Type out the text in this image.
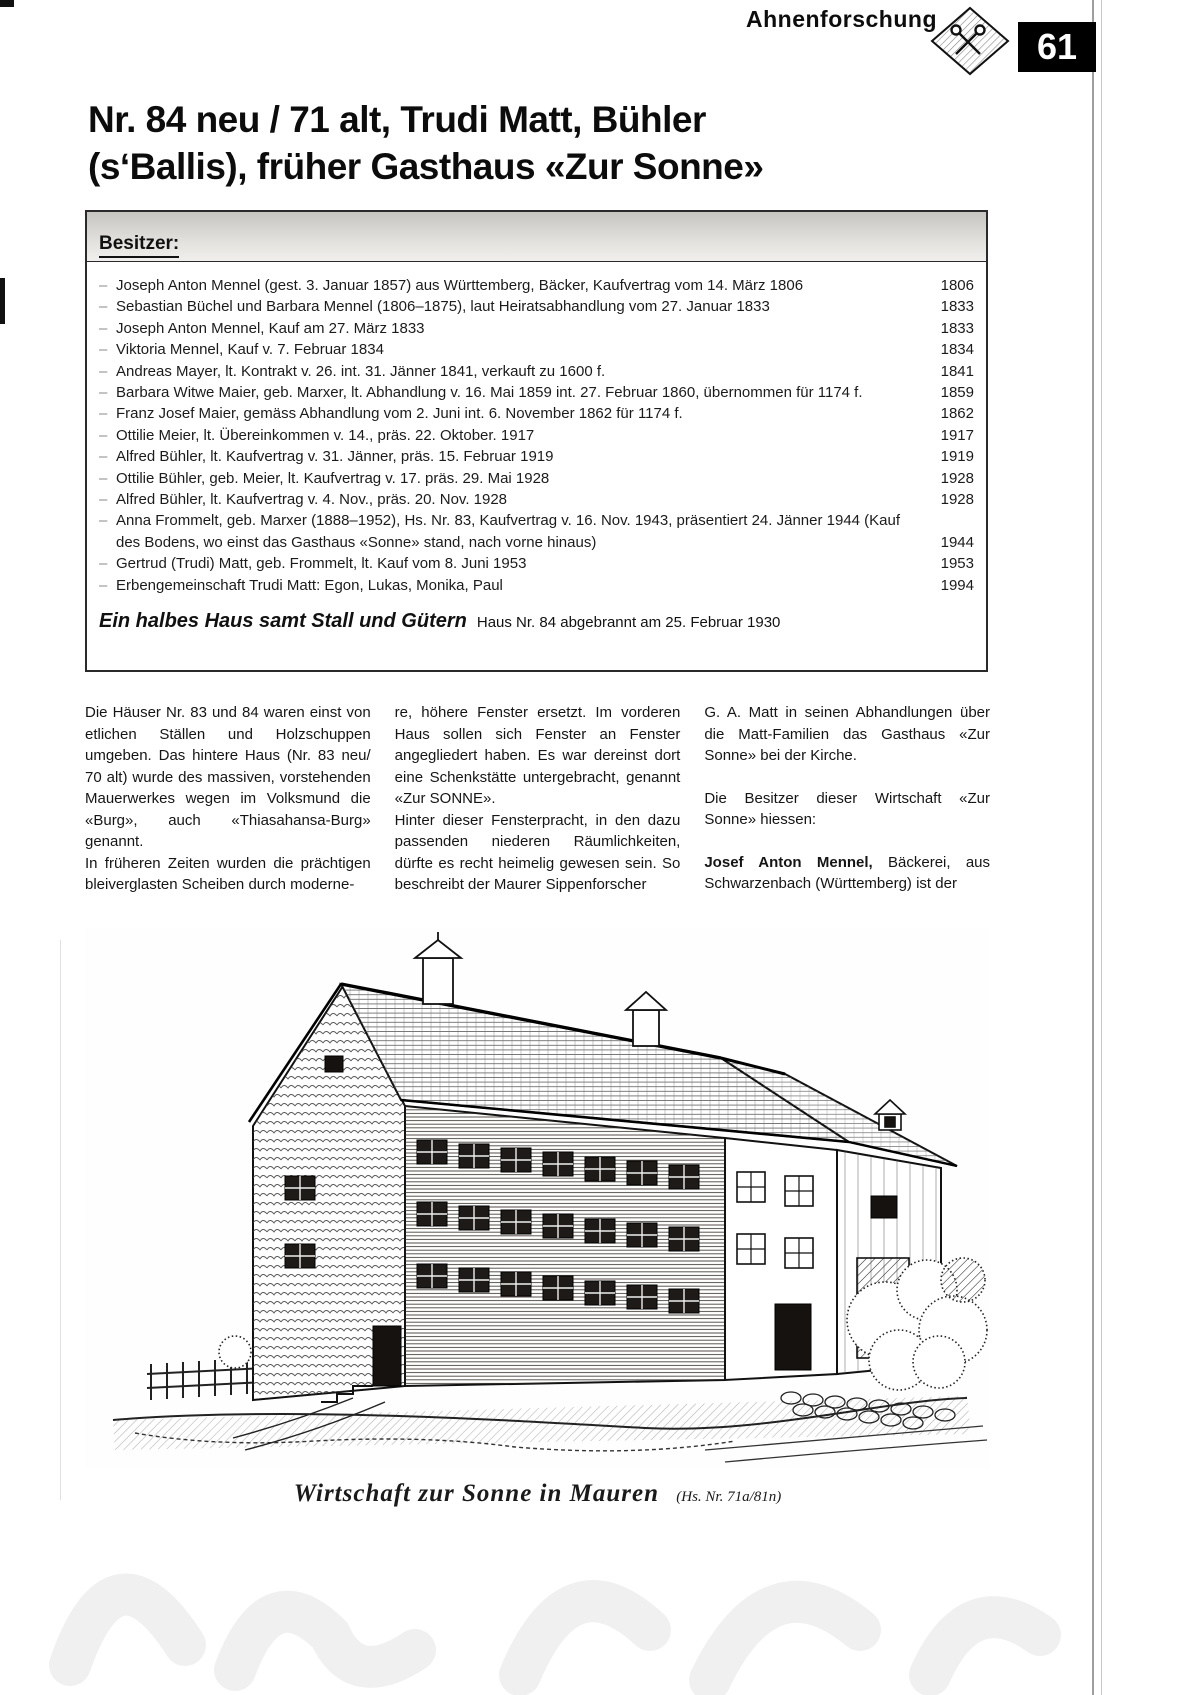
Ahnenforschung
61
Nr. 84 neu / 71 alt, Trudi Matt, Bühler
(s‘Ballis), früher Gasthaus «Zur Sonne»
Besitzer:
– Joseph Anton Mennel (gest. 3. Januar 1857) aus Württemberg, Bäcker, Kaufvertrag vom 14. März 1806	1806
– Sebastian Büchel und Barbara Mennel (1806–1875), laut Heiratsabhandlung vom 27. Januar 1833	1833
– Joseph Anton Mennel, Kauf am 27. März 1833	1833
– Viktoria Mennel, Kauf v. 7. Februar 1834	1834
– Andreas Mayer, lt. Kontrakt v. 26. int. 31. Jänner 1841, verkauft zu 1600 f.	1841
– Barbara Witwe Maier, geb. Marxer, lt. Abhandlung v. 16. Mai 1859 int. 27. Februar 1860, übernommen für 1174 f.	1859
– Franz Josef Maier, gemäss Abhandlung vom 2. Juni int. 6. November 1862 für 1174 f.	1862
– Ottilie Meier, lt. Übereinkommen v. 14., präs. 22. Oktober. 1917	1917
– Alfred Bühler, lt. Kaufvertrag v. 31. Jänner, präs. 15. Februar 1919	1919
– Ottilie Bühler, geb. Meier, lt. Kaufvertrag v. 17. präs. 29. Mai 1928	1928
– Alfred Bühler, lt. Kaufvertrag v. 4. Nov., präs. 20. Nov. 1928	1928
– Anna Frommelt, geb. Marxer (1888–1952), Hs. Nr. 83, Kaufvertrag v. 16. Nov. 1943, präsentiert 24. Jänner 1944 (Kauf des Bodens, wo einst das Gasthaus «Sonne» stand, nach vorne hinaus)	1944
– Gertrud (Trudi) Matt, geb. Frommelt, lt. Kauf vom 8. Juni 1953	1953
– Erbengemeinschaft Trudi Matt: Egon, Lukas, Monika, Paul	1994
Ein halbes Haus samt Stall und Gütern Haus Nr. 84 abgebrannt am 25. Februar 1930

Die Häuser Nr. 83 und 84 waren einst von etlichen Ställen und Holzschuppen umgeben. Das hintere Haus (Nr. 83 neu/ 70 alt) wurde des massiven, vorstehenden Mauerwerkes wegen im Volksmund die «Burg», auch «Thiasahansa-Burg» genannt.

In früheren Zeiten wurden die prächtigen bleiverglasten Scheiben durch moderne-

re, höhere Fenster ersetzt. Im vorderen Haus sollen sich Fenster an Fenster angegliedert haben. Es war dereinst dort eine Schenkstätte untergebracht, genannt «Zur SONNE».

Hinter dieser Fensterpracht, in den dazu passenden niederen Räumlichkeiten, dürfte es recht heimelig gewesen sein. So beschreibt der Maurer Sippenforscher

G. A. Matt in seinen Abhandlungen über die Matt-Familien das Gasthaus «Zur Sonne» bei der Kirche.

Die Besitzer dieser Wirtschaft «Zur Sonne» hiessen:

Josef Anton Mennel, Bäckerei, aus Schwarzenbach (Württemberg) ist der

Wirtschaft zur Sonne in Mauren (Hs. Nr. 71a/81n)
